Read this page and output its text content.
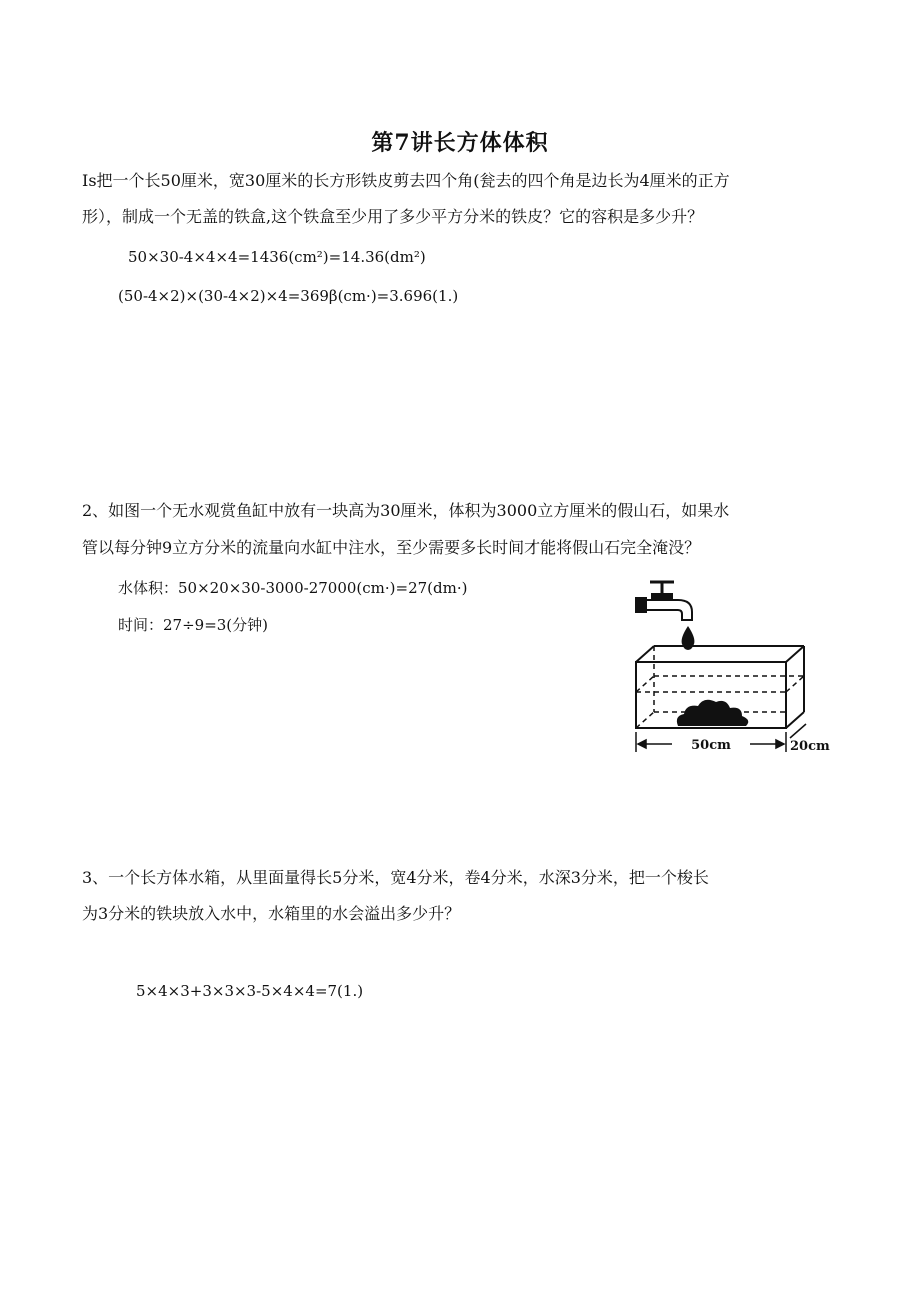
第7讲长方体体积
Is把一个长50厘米，宽30厘米的长方形铁皮剪去四个角(瓮去的四个角是边长为4厘米的正方
形），制成一个无盖的铁盒,这个铁盒至少用了多少平方分米的铁皮？它的容积是多少升？
50×30-4×4×4=1436(cm²)=14.36(dm²)
(50-4×2)×(30-4×2)×4=369β(cm·)=3.696(1.)
2、如图一个无水观赏鱼缸中放有一块高为30厘米，体积为3000立方厘米的假山石，如果水
管以每分钟9立方分米的流量向水缸中注水，至少需要多长时间才能将假山石完全淹没？
水体积：50×20×30-3000-27000(cm·)=27(dm·)
时间：27÷9=3(分钟)
50cm	20cm
3、一个长方体水箱，从里面量得长5分米，宽4分米，卷4分米，水深3分米，把一个梭长
为3分米的铁块放入水中，水箱里的水会溢出多少升？
5×4×3+3×3×3-5×4×4=7(1.)
